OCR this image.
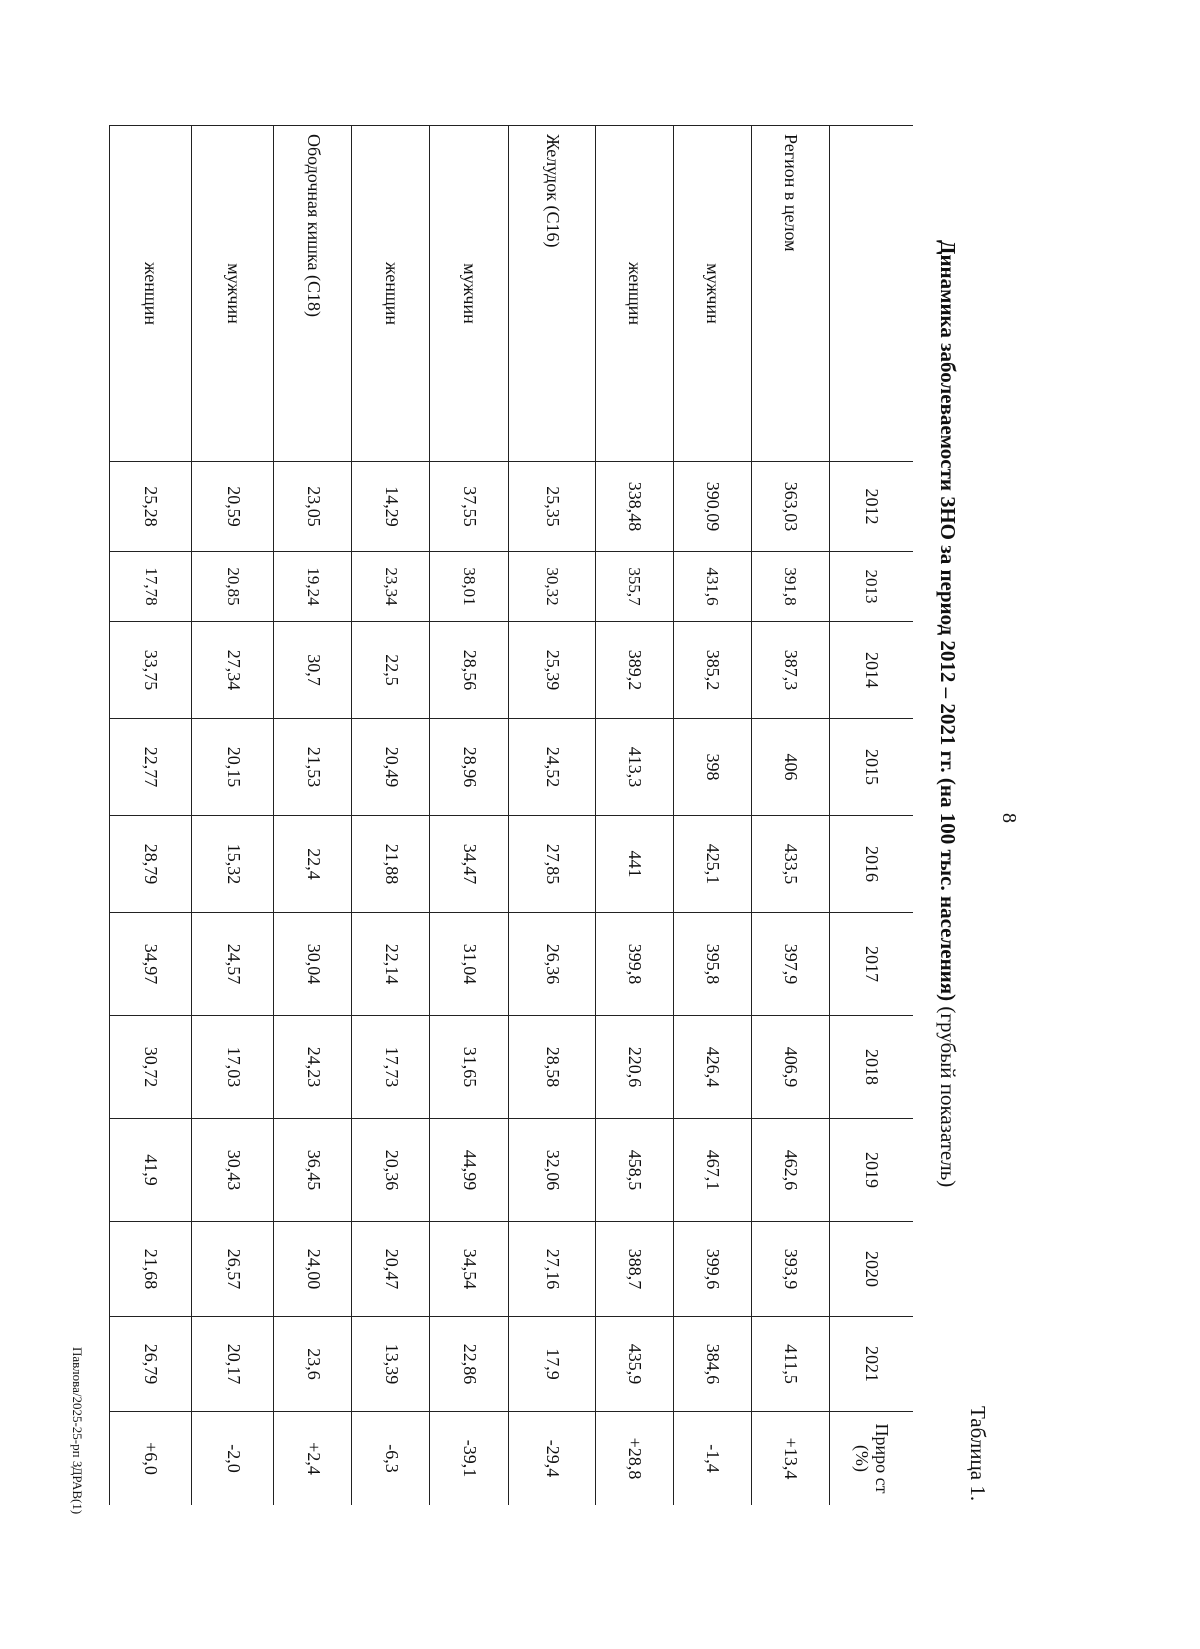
8
Таблица 1.
Динамика заболеваемости ЗНО за период 2012 – 2021 гг. (на 100 тыс. населения) (грубый показатель)
	2012	2013	2014	2015	2016	2017	2018	2019	2020	2021	Приро ст (%)
Регион в целом	363,03	391,8	387,3	406	433,5	397,9	406,9	462,6	393,9	411,5	+13,4
мужчин	390,09	431,6	385,2	398	425,1	395,8	426,4	467,1	399,6	384,6	-1,4
женщин	338,48	355,7	389,2	413,3	441	399,8	220,6	458,5	388,7	435,9	+28,8
Желудок (С16)	25,35	30,32	25,39	24,52	27,85	26,36	28,58	32,06	27,16	17,9	-29,4
мужчин	37,55	38,01	28,56	28,96	34,47	31,04	31,65	44,99	34,54	22,86	-39,1
женщин	14,29	23,34	22,5	20,49	21,88	22,14	17,73	20,36	20,47	13,39	-6,3
Ободочная кишка (С18)	23,05	19,24	30,7	21,53	22,4	30,04	24,23	36,45	24,00	23,6	+2,4
мужчин	20,59	20,85	27,34	20,15	15,32	24,57	17,03	30,43	26,57	20,17	-2,0
женщин	25,28	17,78	33,75	22,77	28,79	34,97	30,72	41,9	21,68	26,79	+6,0
Павлова/2025-25-рп ЗДРАВ(1)
